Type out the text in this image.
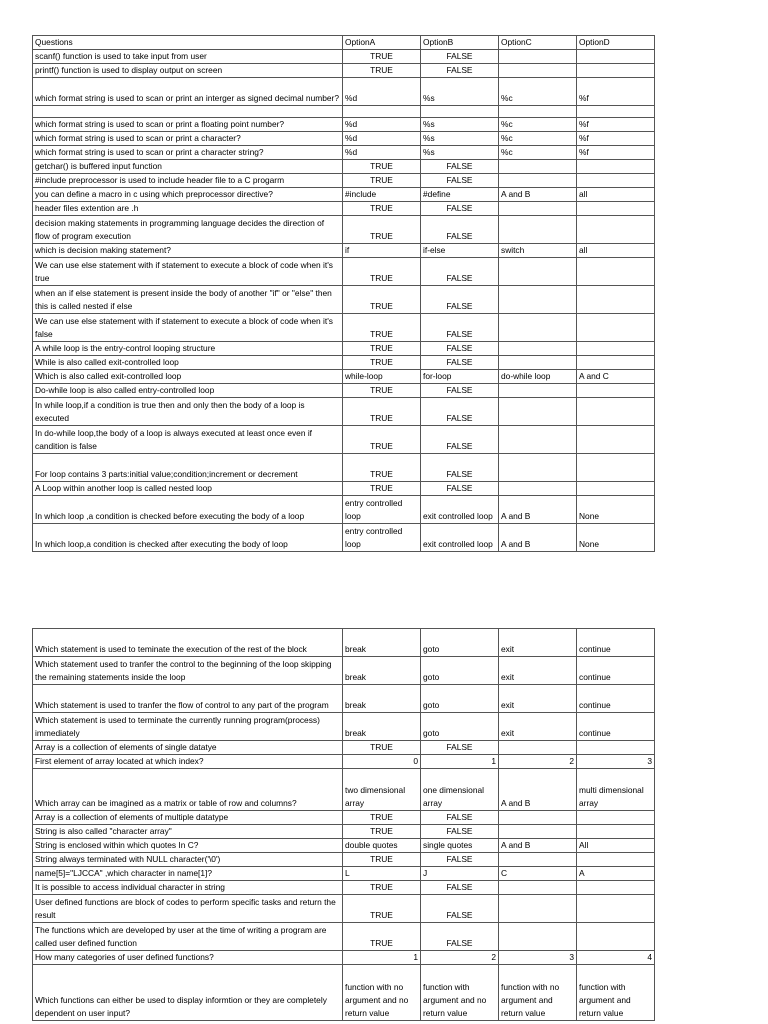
Questions	OptionA	OptionB	OptionC	OptionD
scanf() function is used to take input from user	TRUE	FALSE		
printf() function is used to display output on screen	TRUE	FALSE		
which format string is used to scan or print an interger as signed decimal number?	%d	%s	%c	%f

which format string is used to scan or print a floating point number?	%d	%s	%c	%f
which format string is used to scan or print a character?	%d	%s	%c	%f
which format string is used to scan or print a character string?	%d	%s	%c	%f
getchar() is buffered input function	TRUE	FALSE		
#include preprocessor is used to include header file to a C progarm	TRUE	FALSE		
you can define a macro in c using which preprocessor directive?	#include	#define	A and B	all
header files extention are .h	TRUE	FALSE		
decision making statements in programming language decides the direction of flow of program execution	TRUE	FALSE		
which is decision making statement?	if	if-else	switch	all
We can use else statement with if statement to execute a block of code when it's true	TRUE	FALSE		
when an if else statement is present inside the body of another "if" or "else" then this is called nested if else	TRUE	FALSE		
We can use else statement with if statement to execute a block of code when it's false	TRUE	FALSE		
A while loop is the entry-control looping structure	TRUE	FALSE		
While is also called exit-controlled loop	TRUE	FALSE		
Which is also called exit-controlled loop	while-loop	for-loop	do-while loop	A and C
Do-while loop is also called entry-controlled loop	TRUE	FALSE		
In while loop,if a condition is true then and only then the body of a loop is executed	TRUE	FALSE		
In do-while loop,the body of a loop is always executed at least once even if candition is false	TRUE	FALSE		
For loop contains 3 parts:initial value;condition;increment or decrement	TRUE	FALSE		
A Loop within another loop is called nested loop	TRUE	FALSE		
In which loop ,a condition is checked before executing the body of a loop	entry controlled loop	exit controlled loop	A and B	None
In which loop,a condition is checked after executing the body of loop	entry controlled loop	exit controlled loop	A and B	None
Which statement is used to teminate the execution of the rest of the block	break	goto	exit	continue
Which statement used to tranfer the control to the beginning of the loop skipping the remaining statements inside the loop	break	goto	exit	continue
Which statement is used to tranfer the flow of control to any part of the program	break	goto	exit	continue
Which statement is used to terminate the currently running program(process) immediately	break	goto	exit	continue
Array is a collection of elements of single datatye	TRUE	FALSE		
First element of array located at which index?	0	1	2	3
Which array can be imagined as a matrix or table of row and columns?	two dimensional array	one dimensional array	A and B	multi dimensional array
Array is a collection of elements of multiple datatype	TRUE	FALSE		
String is also called "character array"	TRUE	FALSE		
String is enclosed within which quotes In C?	double quotes	single quotes	A and B	All
String always terminated with NULL character('\0')	TRUE	FALSE		
name[5]="LJCCA" ,which character in name[1]?	L	J	C	A
It is possible to access individual character in string	TRUE	FALSE		
User defined functions are block of codes to perform specific tasks and return the result	TRUE	FALSE		
The functions which are developed by user at the time of writing a program are called user defined function	TRUE	FALSE		
How many categories of user defined functions?	1	2	3	4
Which functions can either be used to display informtion or they are completely dependent on user input?	function with no argument and no return value	function with argument and no return value	function with no argument and return value	function with argument and return value
